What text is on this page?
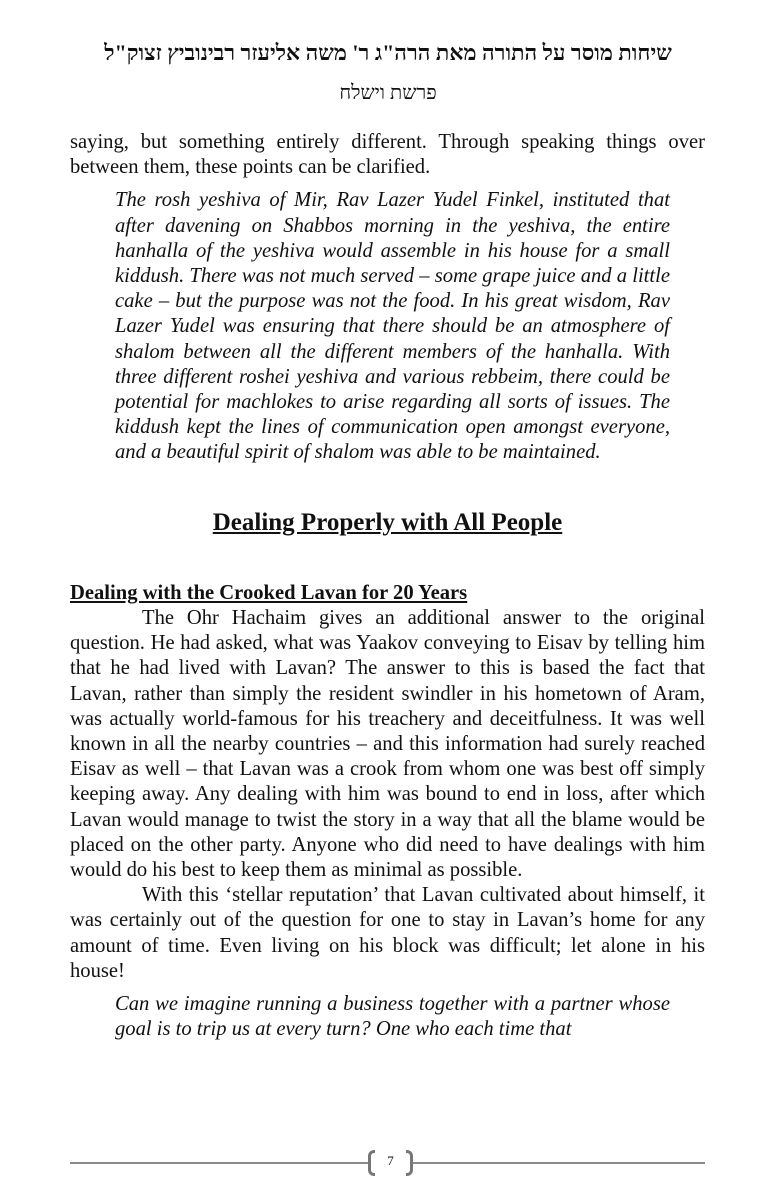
שיחות מוסר על התורה מאת הרה"ג ר' משה אליעזר רבינוביץ זצוק"ל
פרשת וישלח

saying, but something entirely different. Through speaking things over between them, these points can be clarified.

The rosh yeshiva of Mir, Rav Lazer Yudel Finkel, instituted that after davening on Shabbos morning in the yeshiva, the entire hanhalla of the yeshiva would assemble in his house for a small kiddush. There was not much served – some grape juice and a little cake – but the purpose was not the food. In his great wisdom, Rav Lazer Yudel was ensuring that there should be an atmosphere of shalom between all the different members of the hanhalla. With three different roshei yeshiva and various rebbeim, there could be potential for machlokes to arise regarding all sorts of issues. The kiddush kept the lines of communication open amongst everyone, and a beautiful spirit of shalom was able to be maintained.

Dealing Properly with All People
Dealing with the Crooked Lavan for 20 Years

The Ohr Hachaim gives an additional answer to the original question. He had asked, what was Yaakov conveying to Eisav by telling him that he had lived with Lavan? The answer to this is based the fact that Lavan, rather than simply the resident swindler in his hometown of Aram, was actually world-famous for his treachery and deceitfulness. It was well known in all the nearby countries – and this information had surely reached Eisav as well – that Lavan was a crook from whom one was best off simply keeping away. Any dealing with him was bound to end in loss, after which Lavan would manage to twist the story in a way that all the blame would be placed on the other party. Anyone who did need to have dealings with him would do his best to keep them as minimal as possible.

With this ‘stellar reputation’ that Lavan cultivated about himself, it was certainly out of the question for one to stay in Lavan’s home for any amount of time. Even living on his block was difficult; let alone in his house!

Can we imagine running a business together with a partner whose goal is to trip us at every turn? One who each time that

7
